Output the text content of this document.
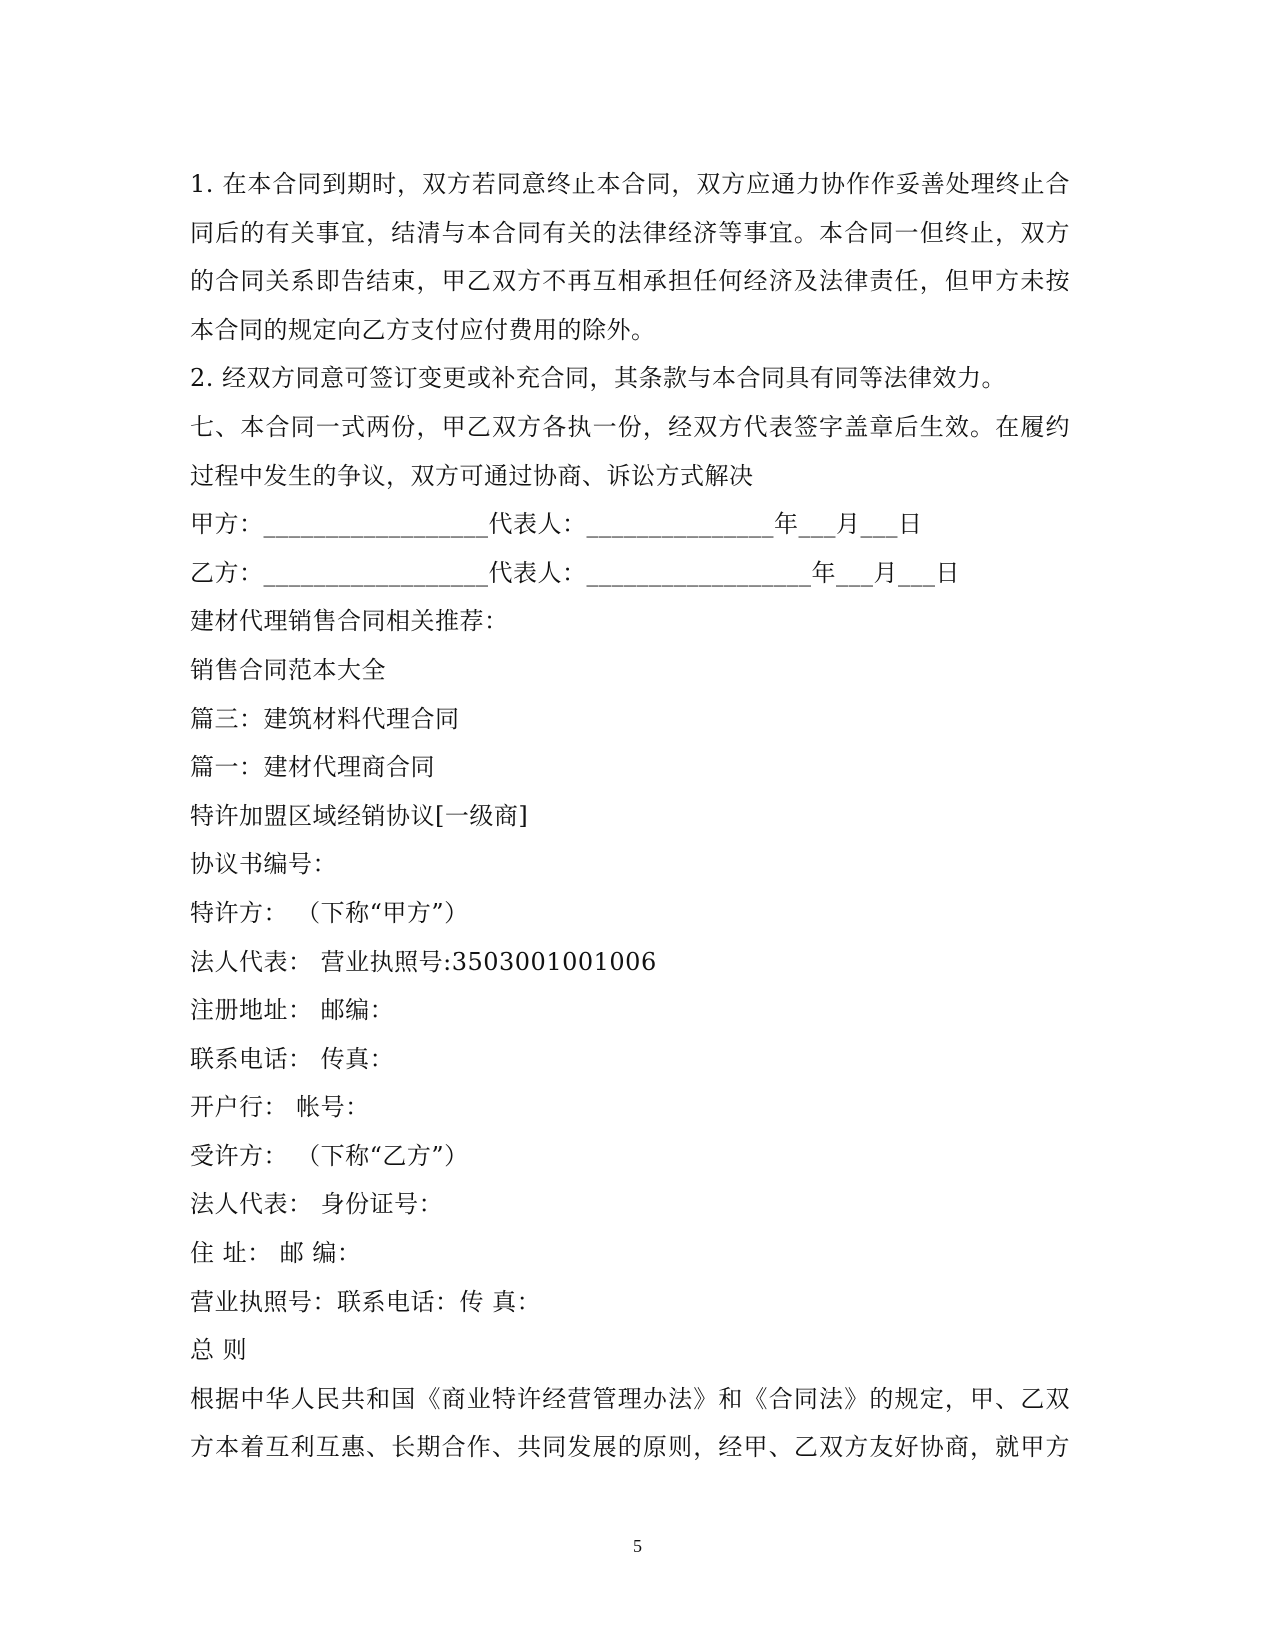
1. 在本合同到期时，双方若同意终止本合同，双方应通力协作作妥善处理终止合
同后的有关事宜，结清与本合同有关的法律经济等事宜。本合同一但终止，双方
的合同关系即告结束，甲乙双方不再互相承担任何经济及法律责任，但甲方未按
本合同的规定向乙方支付应付费用的除外。
2. 经双方同意可签订变更或补充合同，其条款与本合同具有同等法律效力。
七、本合同一式两份，甲乙双方各执一份，经双方代表签字盖章后生效。在履约
过程中发生的争议，双方可通过协商、诉讼方式解决
甲方：__________________代表人：_______________年___月___日
乙方：__________________代表人：__________________年___月___日
建材代理销售合同相关推荐：
销售合同范本大全
篇三：建筑材料代理合同
篇一：建材代理商合同
特许加盟区域经销协议[一级商]
协议书编号：
特许方： （下称“甲方”）
法人代表： 营业执照号:3503001001006
注册地址： 邮编：
联系电话： 传真：
开户行： 帐号：
受许方： （下称“乙方”）
法人代表： 身份证号：
住 址： 邮 编：
营业执照号：联系电话：传 真：
总 则
根据中华人民共和国《商业特许经营管理办法》和《合同法》的规定，甲、乙双
方本着互利互惠、长期合作、共同发展的原则，经甲、乙双方友好协商，就甲方
5
